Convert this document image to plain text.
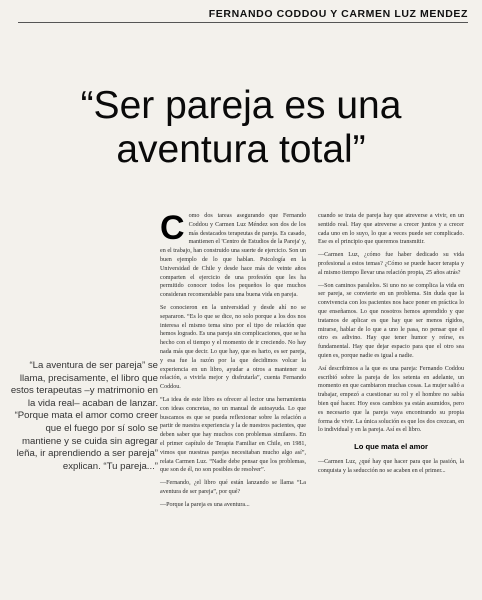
FERNANDO CODDOU Y CARMEN LUZ MENDEZ
“Ser pareja es una
aventura total”
“La aventura de ser pareja” se llama, precisamente, el libro que estos terapeutas –y matrimonio en la vida real– acaban de lanzar. “Porque mata el amor como creer que el fuego por sí solo se mantiene y se cuida sin agregar leña, ir aprendiendo a ser pareja” explican. “Tu pareja...”
C omo dos tareas asegurando que Fernando Coddou y Carmen Luz Méndez son dos de los más destacados terapeutas de pareja. Es casado, mantienen el 'Centro de Estudios de la Pareja' y, en el trabajo, han construido una suerte de ejercicio. Son un buen ejemplo de lo que hablan. Psicología en la Universidad de Chile y desde hace más de veinte años comparten el ejercicio de una profesión que les ha permitido conocer todos los pequeños lo que muchos consideran recomendable para una buena vida en pareja.

Se conocieron en la universidad y desde ahí no se separaron. “Es lo que se dice, no solo porque a los dos nos interesa el mismo tema sino por el tipo de relación que hemos logrado. Es una pareja sin complicaciones, que se ha hecho con el tiempo y el momento de ir creciendo. No hay nada más que decir. Lo que hay, que es harto, es ser pareja, y esa fue la razón por la que decidimos volcar la experiencia en un libro, ayudar a otros a mantener su relación, a vivirla mejor y disfrutarla”, cuenta Fernando Coddou.

“La idea de este libro es ofrecer al lector una herramienta con ideas concretas, no un manual de autoayuda. Lo que buscamos es que se pueda reflexionar sobre la relación a partir de nuestra experiencia y la de nuestros pacientes, que deben saber que hay muchos con problemas similares. En el primer capítulo de Terapia Familiar en Chile, en 1981, vimos que nuestras parejas necesitaban mucho algo así”, relata Carmen Luz. “Nadie debe pensar que los problemas, que son de él, no son posibles de resolver”.

—Fernando, ¿el libro qué están lanzando se llama “La aventura de ser pareja”, por qué?

—Porque la pareja es una aventura...

cuando se trata de pareja hay que atreverse a vivir, en un sentido real. Hay que atreverse a crecer juntos y a crecer cada uno en lo suyo, lo que a veces puede ser complicado. Ese es el principio que queremos transmitir.

—Carmen Luz, ¿cómo fue haber dedicado su vida profesional a estos temas? ¿Cómo se puede hacer terapia y al mismo tiempo llevar una relación propia, 25 años atrás?

—Son caminos paralelos. Si uno no se complica la vida en ser pareja, se convierte en un problema. Sin duda que la convivencia con los pacientes nos hace poner en práctica lo que enseñamos. Lo que nosotros hemos aprendido y que tratamos de aplicar es que hay que ser menos rígidos, mirarse, hablar de lo que a uno le pasa, no pensar que el otro es adivino. Hay que tener humor y reírse, es fundamental. Hay que dejar espacio para que el otro sea quien es, porque nadie es igual a nadie.

Así describimos a la que es una pareja: Fernando Coddou escribió sobre la pareja de los setenta en adelante, un momento en que cambiaron muchas cosas. La mujer salió a trabajar, empezó a cuestionar su rol y el hombre no sabía bien qué hacer. Hoy esos cambios ya están asumidos, pero es necesario que la pareja vaya encontrando su propia forma de vivir. La única solución es que los dos crezcan, en lo individual y en la pareja. Así es el libro.

Lo que mata el amor

—Carmen Luz, ¿qué hay que hacer para que la pasión, la conquista y la seducción no se acaben en el primer...
